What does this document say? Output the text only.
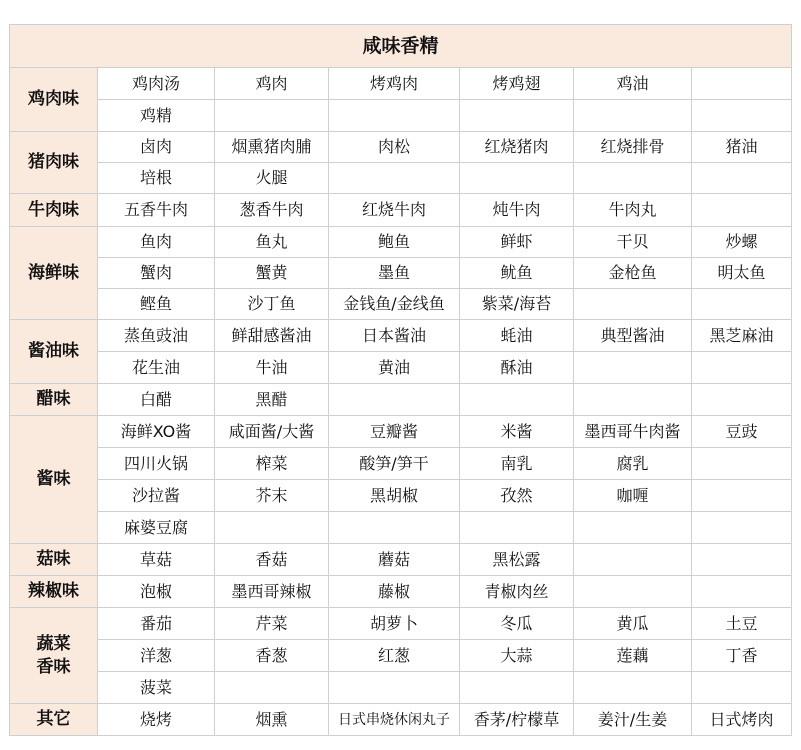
咸味香精						
鸡肉味	鸡肉汤	鸡肉	烤鸡肉	烤鸡翅	鸡油	
	鸡精					
猪肉味	卤肉	烟熏猪肉脯	肉松	红烧猪肉	红烧排骨	猪油
	培根	火腿				
牛肉味	五香牛肉	葱香牛肉	红烧牛肉	炖牛肉	牛肉丸	
海鲜味	鱼肉	鱼丸	鲍鱼	鲜虾	干贝	炒螺
	蟹肉	蟹黄	墨鱼	鱿鱼	金枪鱼	明太鱼
	鲣鱼	沙丁鱼	金钱鱼/金线鱼	紫菜/海苔		
酱油味	蒸鱼豉油	鲜甜感酱油	日本酱油	蚝油	典型酱油	黑芝麻油
	花生油	牛油	黄油	酥油		
醋味	白醋	黑醋				
酱味	海鲜XO酱	咸面酱/大酱	豆瓣酱	米酱	墨西哥牛肉酱	豆豉
	四川火锅	榨菜	酸笋/笋干	南乳	腐乳	
	沙拉酱	芥末	黑胡椒	孜然	咖喱	
	麻婆豆腐					
菇味	草菇	香菇	蘑菇	黑松露		
辣椒味	泡椒	墨西哥辣椒	藤椒	青椒肉丝		
蔬菜
香味	番茄	芹菜	胡萝卜	冬瓜	黄瓜	土豆
	洋葱	香葱	红葱	大蒜	莲藕	丁香
	菠菜					
其它	烧烤	烟熏	日式串烧休闲丸子	香茅/柠檬草	姜汁/生姜	日式烤肉
